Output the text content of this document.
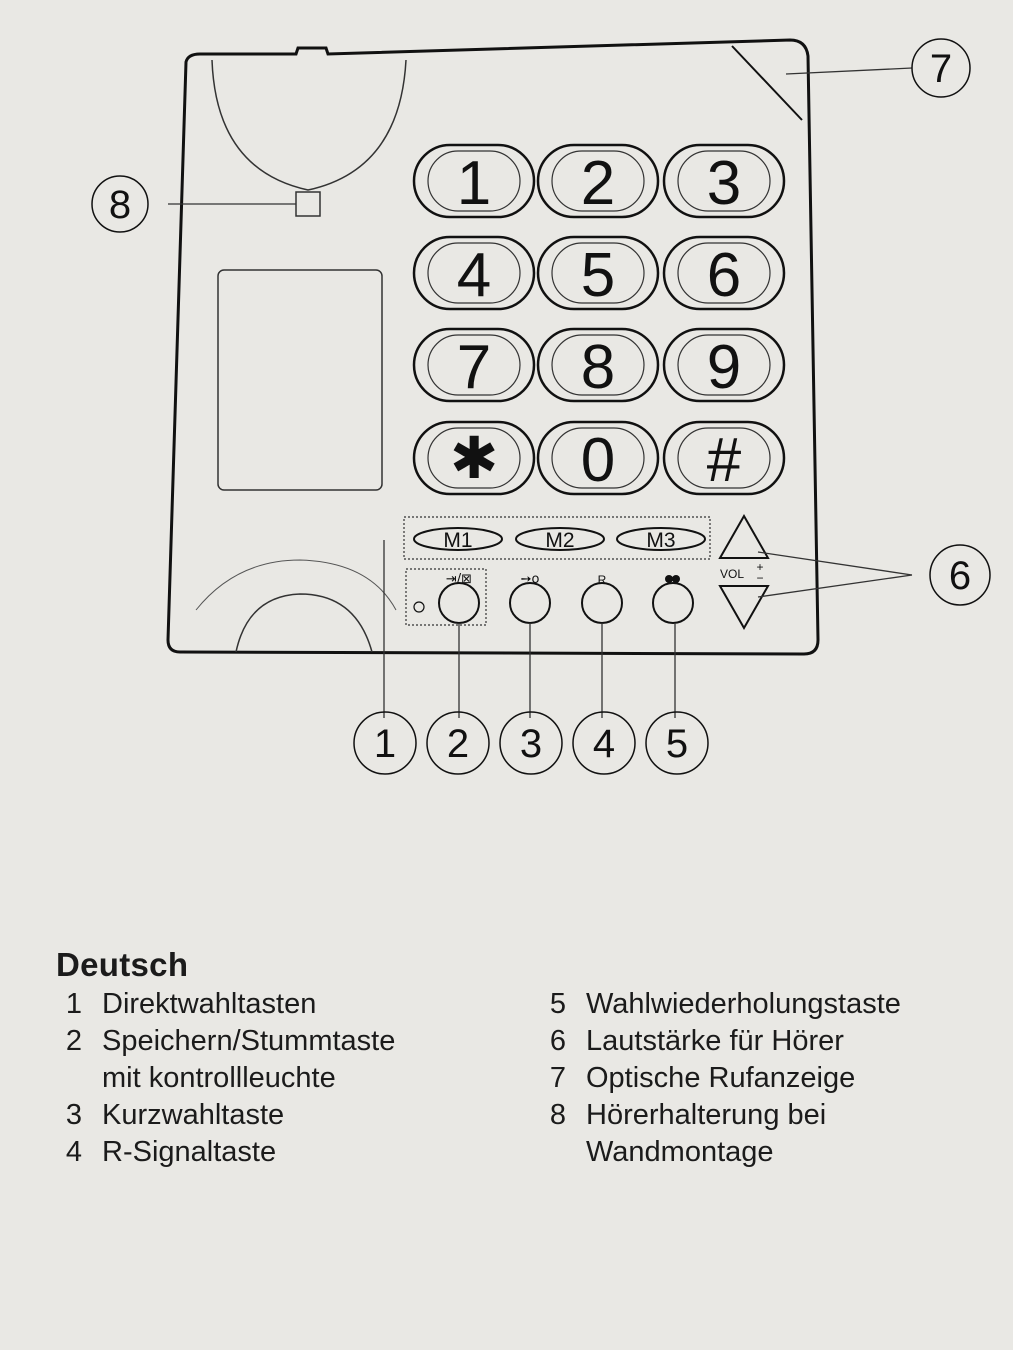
1 2 3
4 5 6
7 8 9
✱ 0 #
M1	M2	M3
⇥/⊠	➙o	R	VOL +
−
1 2 3 4 5
7
6
8
Deutsch
1 Direktwahltasten
2 Speichern/Stummtaste
mit kontrollleuchte
3 Kurzwahltaste
4 R-Signaltaste
5 Wahlwiederholungstaste
6 Lautstärke für Hörer
7 Optische Rufanzeige
8 Hörerhalterung bei
Wandmontage
